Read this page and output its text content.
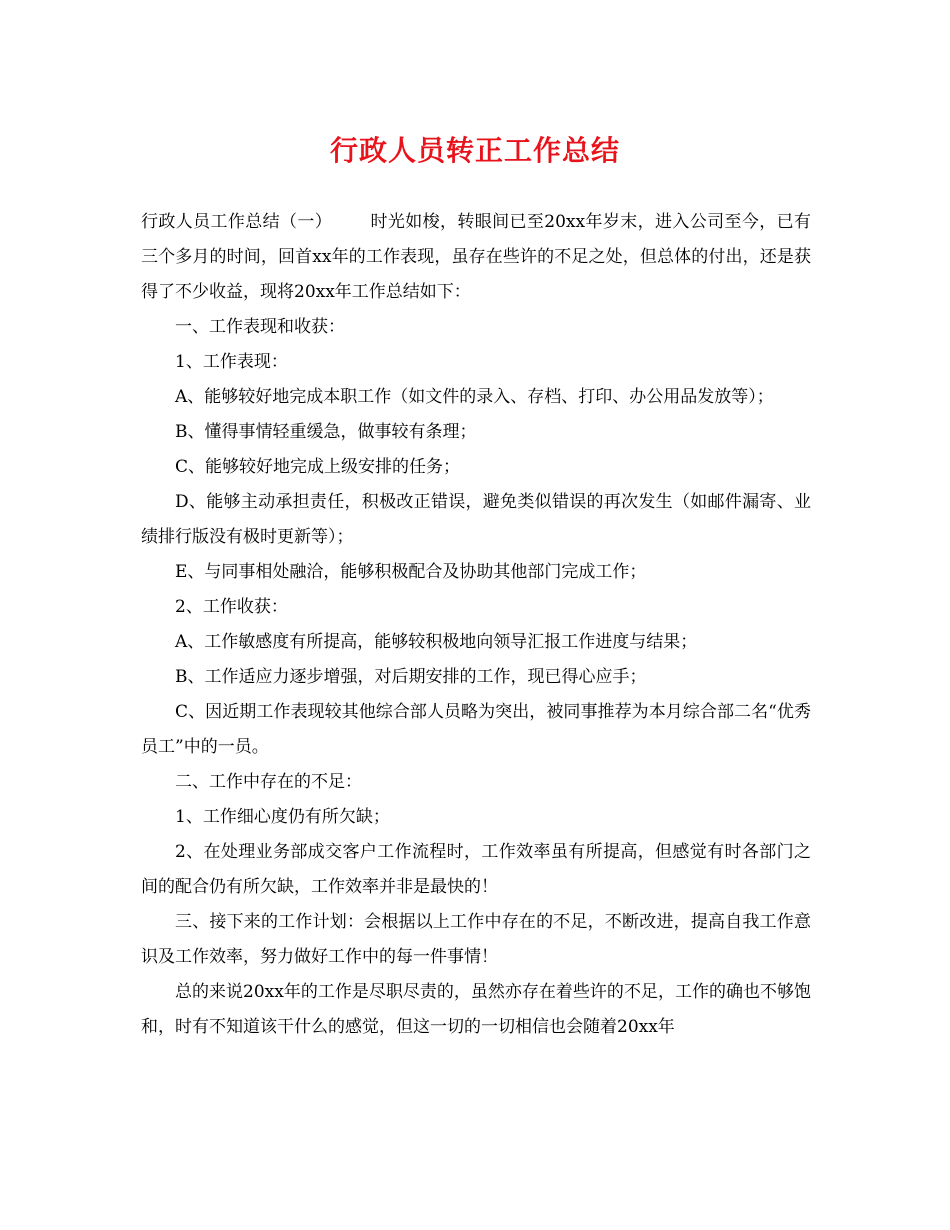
行政人员转正工作总结

行政人员工作总结（一） 时光如梭，转眼间已至20xx年岁末，进入公司至今，已有三个多月的时间，回首xx年的工作表现，虽存在些许的不足之处，但总体的付出，还是获得了不少收益，现将20xx年工作总结如下：

一、工作表现和收获：

1、工作表现：

A、能够较好地完成本职工作（如文件的录入、存档、打印、办公用品发放等）；

B、懂得事情轻重缓急，做事较有条理；

C、能够较好地完成上级安排的任务；

D、能够主动承担责任，积极改正错误，避免类似错误的再次发生（如邮件漏寄、业绩排行版没有极时更新等）；

E、与同事相处融洽，能够积极配合及协助其他部门完成工作；

2、工作收获：

A、工作敏感度有所提高，能够较积极地向领导汇报工作进度与结果；

B、工作适应力逐步增强，对后期安排的工作，现已得心应手；

C、因近期工作表现较其他综合部人员略为突出，被同事推荐为本月综合部二名“优秀员工”中的一员。

二、工作中存在的不足：

1、工作细心度仍有所欠缺；

2、在处理业务部成交客户工作流程时，工作效率虽有所提高，但感觉有时各部门之间的配合仍有所欠缺，工作效率并非是最快的！

三、接下来的工作计划：会根据以上工作中存在的不足，不断改进，提高自我工作意识及工作效率，努力做好工作中的每一件事情！

总的来说20xx年的工作是尽职尽责的，虽然亦存在着些许的不足，工作的确也不够饱和，时有不知道该干什么的感觉，但这一切的一切相信也会随着20xx年
